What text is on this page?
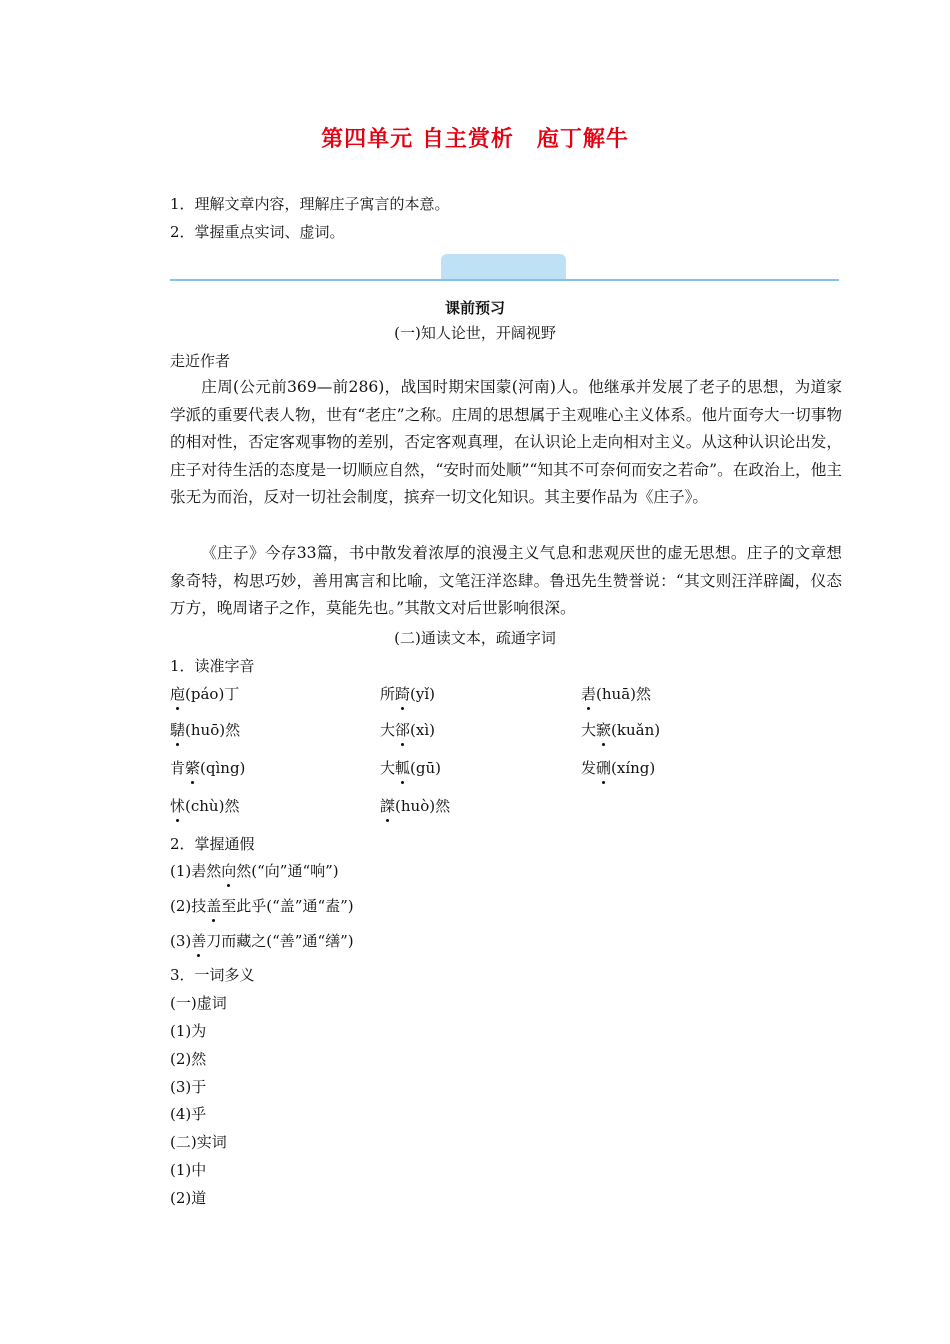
第四单元 自主赏析　庖丁解牛
1．理解文章内容，理解庄子寓言的本意。
2．掌握重点实词、虚词。
课前预习
(一)知人论世，开阔视野
走近作者
庄周(公元前369—前286)，战国时期宋国蒙(河南)人。他继承并发展了老子的思想，为道家学派的重要代表人物，世有“老庄”之称。庄周的思想属于主观唯心主义体系。他片面夸大一切事物的相对性，否定客观事物的差别，否定客观真理，在认识论上走向相对主义。从这种认识论出发，庄子对待生活的态度是一切顺应自然，“安时而处顺”“知其不可奈何而安之若命”。在政治上，他主张无为而治，反对一切社会制度，摈弃一切文化知识。其主要作品为《庄子》。
《庄子》今存33篇，书中散发着浓厚的浪漫主义气息和悲观厌世的虚无思想。庄子的文章想象奇特，构思巧妙，善用寓言和比喻，文笔汪洋恣肆。鲁迅先生赞誉说：“其文则汪洋辟阖，仪态万方，晚周诸子之作，莫能先也。”其散文对后世影响很深。
(二)通读文本，疏通字词
1．读准字音
庖(páo)丁	所踦(yǐ)	砉(huā)然
騞(huō)然	大郤(xì)	大窾(kuǎn)
肯綮(qìng)	大軱(gū)	发硎(xíng)
怵(chù)然	謋(huò)然
2．掌握通假
(1)砉然向然(“向”通“响”)
(2)技盖至此乎(“盖”通“盍”)
(3)善刀而藏之(“善”通“缮”)
3．一词多义
(一)虚词
(1)为
(2)然
(3)于
(4)乎
(二)实词
(1)中
(2)道
